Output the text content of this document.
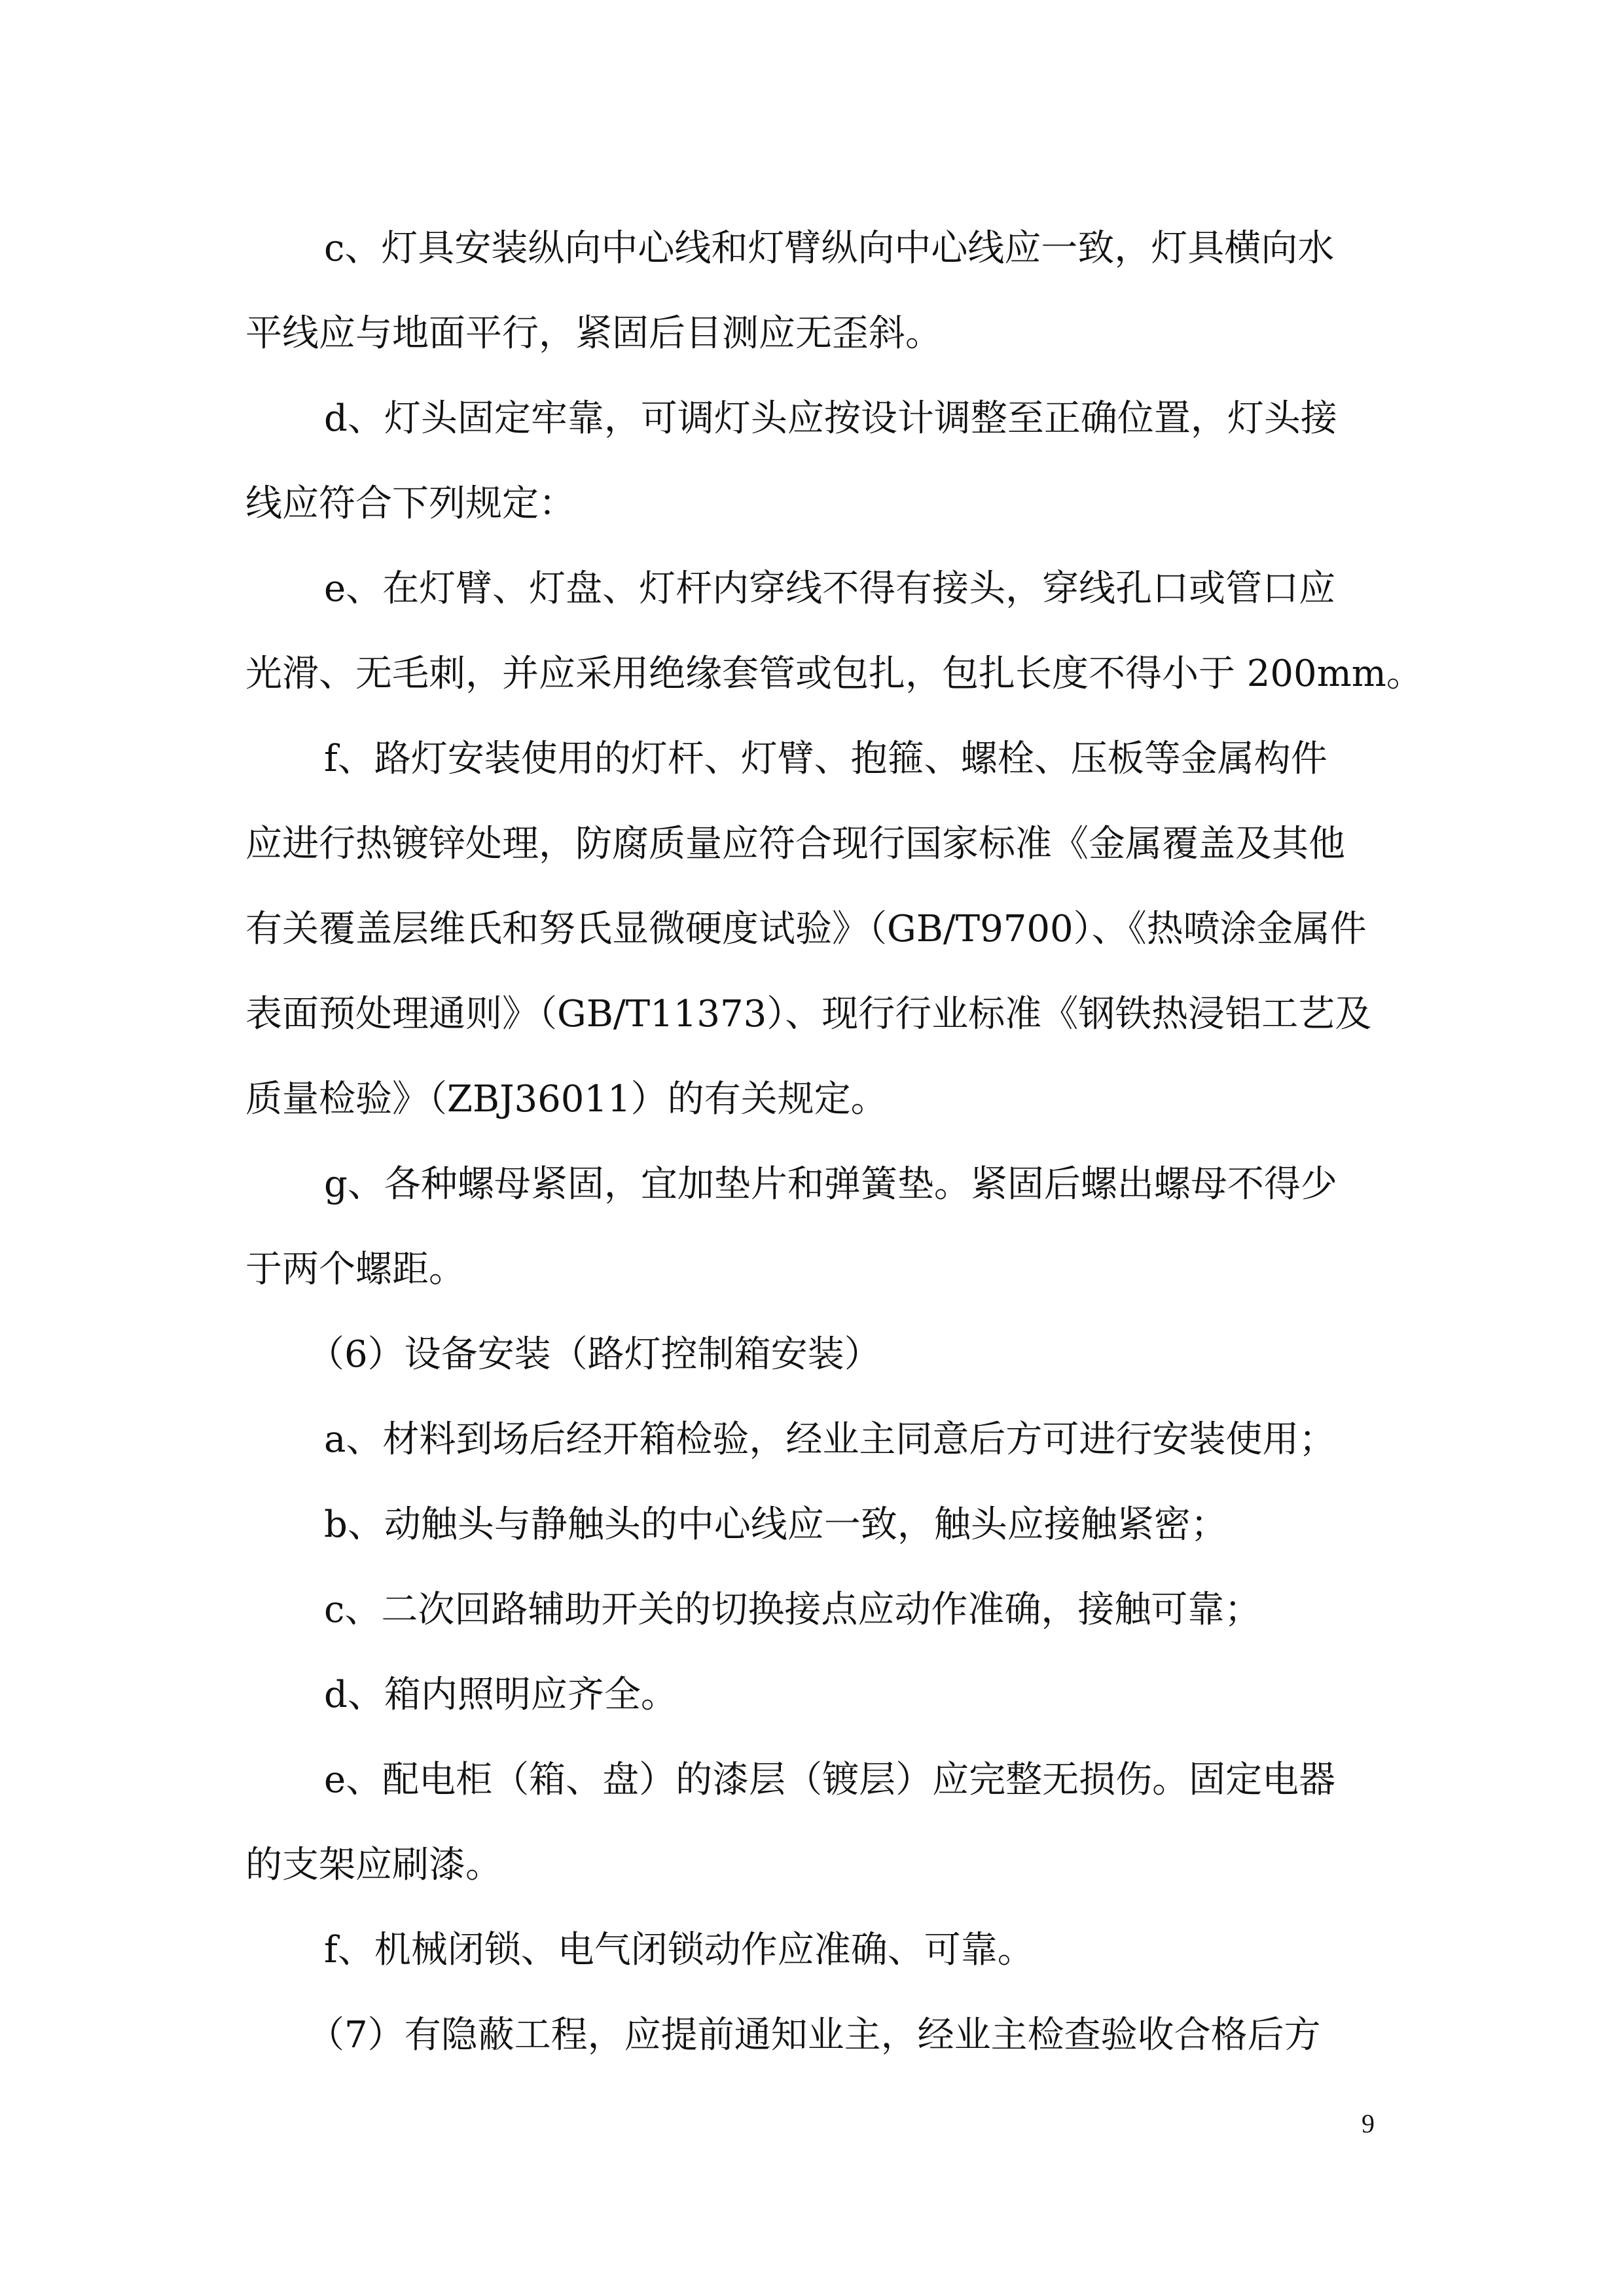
c、灯具安装纵向中心线和灯臂纵向中心线应一致，灯具横向水
平线应与地面平行，紧固后目测应无歪斜。
d、灯头固定牢靠，可调灯头应按设计调整至正确位置，灯头接
线应符合下列规定：
e、在灯臂、灯盘、灯杆内穿线不得有接头，穿线孔口或管口应
光滑、无毛刺，并应采用绝缘套管或包扎，包扎长度不得小于 200mm。
f、路灯安装使用的灯杆、灯臂、抱箍、螺栓、压板等金属构件
应进行热镀锌处理，防腐质量应符合现行国家标准《金属覆盖及其他
有关覆盖层维氏和努氏显微硬度试验》（GB/T9700）、《热喷涂金属件
表面预处理通则》（GB/T11373）、现行行业标准《钢铁热浸铝工艺及
质量检验》（ZBJ36011）的有关规定。
g、各种螺母紧固，宜加垫片和弹簧垫。紧固后螺出螺母不得少
于两个螺距。
（6）设备安装（路灯控制箱安装）
a、材料到场后经开箱检验，经业主同意后方可进行安装使用；
b、动触头与静触头的中心线应一致，触头应接触紧密；
c、二次回路辅助开关的切换接点应动作准确，接触可靠；
d、箱内照明应齐全。
e、配电柜（箱、盘）的漆层（镀层）应完整无损伤。固定电器
的支架应刷漆。
f、机械闭锁、电气闭锁动作应准确、可靠。
（7）有隐蔽工程，应提前通知业主，经业主检查验收合格后方
9
